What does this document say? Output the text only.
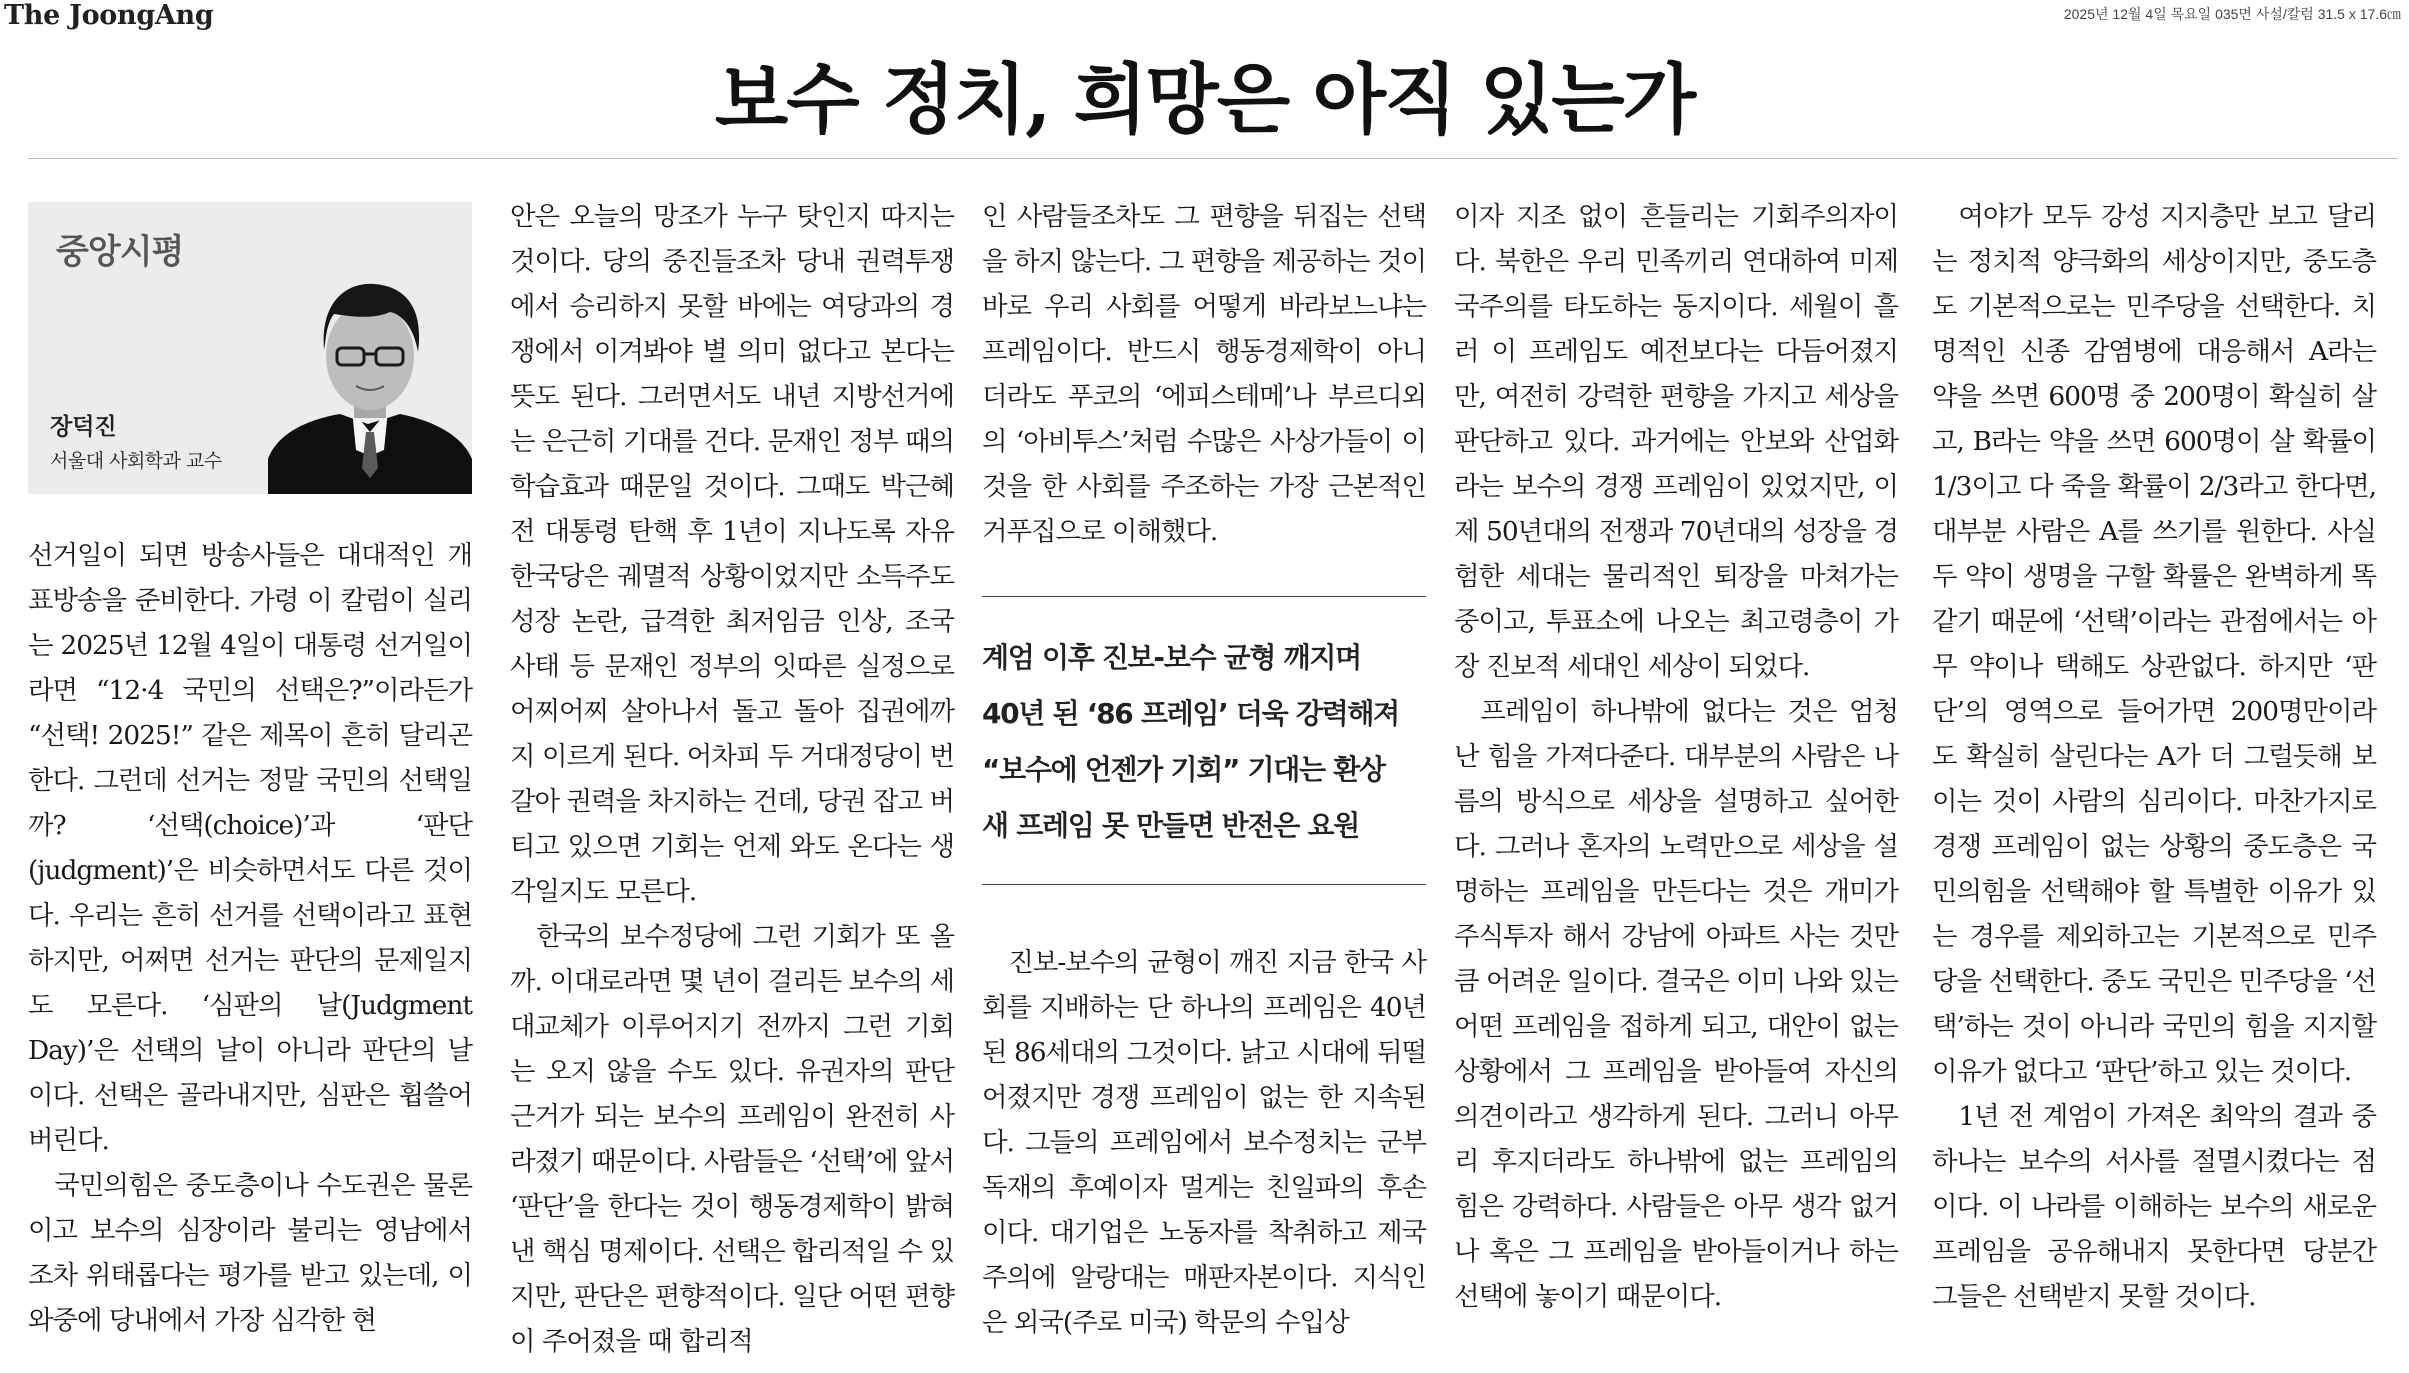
The JoongAng	2025년 12월 4일 목요일 035면 사설/칼럼 31.5 x 17.6㎝
보수 정치, 희망은 아직 있는가
중앙시평
장덕진
서울대 사회학과 교수

선거일이 되면 방송사들은 대대적인 개표방송을 준비한다. 가령 이 칼럼이 실리는 2025년 12월 4일이 대통령 선거일이라면 “12·4 국민의 선택은?”이라든가 “선택! 2025!” 같은 제목이 흔히 달리곤 한다. 그런데 선거는 정말 국민의 선택일까? ‘선택(choice)’과 ‘판단(judgment)’은 비슷하면서도 다른 것이다. 우리는 흔히 선거를 선택이라고 표현하지만, 어쩌면 선거는 판단의 문제일지도 모른다. ‘심판의 날(Judgment Day)’은 선택의 날이 아니라 판단의 날이다. 선택은 골라내지만, 심판은 휩쓸어버린다.

국민의힘은 중도층이나 수도권은 물론이고 보수의 심장이라 불리는 영남에서조차 위태롭다는 평가를 받고 있는데, 이 와중에 당내에서 가장 심각한 현

안은 오늘의 망조가 누구 탓인지 따지는 것이다. 당의 중진들조차 당내 권력투쟁에서 승리하지 못할 바에는 여당과의 경쟁에서 이겨봐야 별 의미 없다고 본다는 뜻도 된다. 그러면서도 내년 지방선거에는 은근히 기대를 건다. 문재인 정부 때의 학습효과 때문일 것이다. 그때도 박근혜 전 대통령 탄핵 후 1년이 지나도록 자유한국당은 궤멸적 상황이었지만 소득주도성장 논란, 급격한 최저임금 인상, 조국 사태 등 문재인 정부의 잇따른 실정으로 어찌어찌 살아나서 돌고 돌아 집권에까지 이르게 된다. 어차피 두 거대정당이 번갈아 권력을 차지하는 건데, 당권 잡고 버티고 있으면 기회는 언제 와도 온다는 생각일지도 모른다.

한국의 보수정당에 그런 기회가 또 올까. 이대로라면 몇 년이 걸리든 보수의 세대교체가 이루어지기 전까지 그런 기회는 오지 않을 수도 있다. 유권자의 판단 근거가 되는 보수의 프레임이 완전히 사라졌기 때문이다. 사람들은 ‘선택’에 앞서 ‘판단’을 한다는 것이 행동경제학이 밝혀낸 핵심 명제이다. 선택은 합리적일 수 있지만, 판단은 편향적이다. 일단 어떤 편향이 주어졌을 때 합리적

인 사람들조차도 그 편향을 뒤집는 선택을 하지 않는다. 그 편향을 제공하는 것이 바로 우리 사회를 어떻게 바라보느냐는 프레임이다. 반드시 행동경제학이 아니더라도 푸코의 ‘에피스테메’나 부르디외의 ‘아비투스’처럼 수많은 사상가들이 이것을 한 사회를 주조하는 가장 근본적인 거푸집으로 이해했다.

계엄 이후 진보-보수 균형 깨지며
40년 된 ‘86 프레임’ 더욱 강력해져
“보수에 언젠가 기회” 기대는 환상
새 프레임 못 만들면 반전은 요원

진보-보수의 균형이 깨진 지금 한국 사회를 지배하는 단 하나의 프레임은 40년 된 86세대의 그것이다. 낡고 시대에 뒤떨어졌지만 경쟁 프레임이 없는 한 지속된다. 그들의 프레임에서 보수정치는 군부독재의 후예이자 멀게는 친일파의 후손이다. 대기업은 노동자를 착취하고 제국주의에 알랑대는 매판자본이다. 지식인은 외국(주로 미국) 학문의 수입상

이자 지조 없이 흔들리는 기회주의자이다. 북한은 우리 민족끼리 연대하여 미제국주의를 타도하는 동지이다. 세월이 흘러 이 프레임도 예전보다는 다듬어졌지만, 여전히 강력한 편향을 가지고 세상을 판단하고 있다. 과거에는 안보와 산업화라는 보수의 경쟁 프레임이 있었지만, 이제 50년대의 전쟁과 70년대의 성장을 경험한 세대는 물리적인 퇴장을 마쳐가는 중이고, 투표소에 나오는 최고령층이 가장 진보적 세대인 세상이 되었다.

프레임이 하나밖에 없다는 것은 엄청난 힘을 가져다준다. 대부분의 사람은 나름의 방식으로 세상을 설명하고 싶어한다. 그러나 혼자의 노력만으로 세상을 설명하는 프레임을 만든다는 것은 개미가 주식투자 해서 강남에 아파트 사는 것만큼 어려운 일이다. 결국은 이미 나와 있는 어떤 프레임을 접하게 되고, 대안이 없는 상황에서 그 프레임을 받아들여 자신의 의견이라고 생각하게 된다. 그러니 아무리 후지더라도 하나밖에 없는 프레임의 힘은 강력하다. 사람들은 아무 생각 없거나 혹은 그 프레임을 받아들이거나 하는 선택에 놓이기 때문이다.

여야가 모두 강성 지지층만 보고 달리는 정치적 양극화의 세상이지만, 중도층도 기본적으로는 민주당을 선택한다. 치명적인 신종 감염병에 대응해서 A라는 약을 쓰면 600명 중 200명이 확실히 살고, B라는 약을 쓰면 600명이 살 확률이 1/3이고 다 죽을 확률이 2/3라고 한다면, 대부분 사람은 A를 쓰기를 원한다. 사실 두 약이 생명을 구할 확률은 완벽하게 똑같기 때문에 ‘선택’이라는 관점에서는 아무 약이나 택해도 상관없다. 하지만 ‘판단’의 영역으로 들어가면 200명만이라도 확실히 살린다는 A가 더 그럴듯해 보이는 것이 사람의 심리이다. 마찬가지로 경쟁 프레임이 없는 상황의 중도층은 국민의힘을 선택해야 할 특별한 이유가 있는 경우를 제외하고는 기본적으로 민주당을 선택한다. 중도 국민은 민주당을 ‘선택’하는 것이 아니라 국민의 힘을 지지할 이유가 없다고 ‘판단’하고 있는 것이다.

1년 전 계엄이 가져온 최악의 결과 중 하나는 보수의 서사를 절멸시켰다는 점이다. 이 나라를 이해하는 보수의 새로운 프레임을 공유해내지 못한다면 당분간 그들은 선택받지 못할 것이다.
